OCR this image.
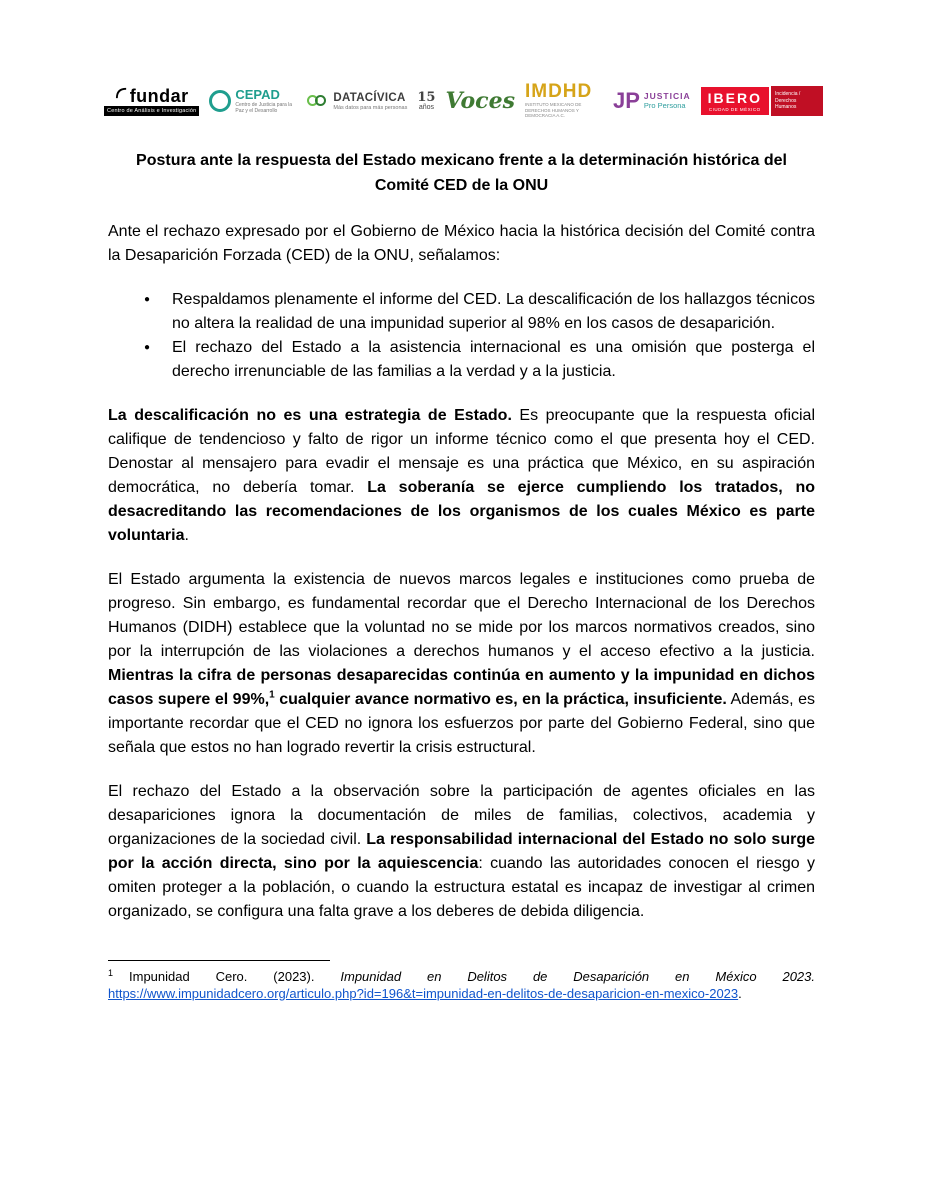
fundar
Centro de Análisis e Investigación
CEPAD
Centro de Justicia para la Paz y el Desarrollo
DATACÍVICA
Más datos para más personas
15
años Voces IMDHD
INSTITUTO MEXICANO DE DERECHOS HUMANOS Y DEMOCRACIA A.C.
JP JUSTICIA
Pro Persona	IBERO
CIUDAD DE MÉXICO
Incidencia / Derechos Humanos
Postura ante la respuesta del Estado mexicano frente a la determinación histórica del Comité CED de la ONU

Ante el rechazo expresado por el Gobierno de México hacia la histórica decisión del Comité contra la Desaparición Forzada (CED) de la ONU, señalamos:

● Respaldamos plenamente el informe del CED. La descalificación de los hallazgos técnicos no altera la realidad de una impunidad superior al 98% en los casos de desaparición.
● El rechazo del Estado a la asistencia internacional es una omisión que posterga el derecho irrenunciable de las familias a la verdad y a la justicia.

La descalificación no es una estrategia de Estado. Es preocupante que la respuesta oficial califique de tendencioso y falto de rigor un informe técnico como el que presenta hoy el CED. Denostar al mensajero para evadir el mensaje es una práctica que México, en su aspiración democrática, no debería tomar. La soberanía se ejerce cumpliendo los tratados, no desacreditando las recomendaciones de los organismos de los cuales México es parte voluntaria.

El Estado argumenta la existencia de nuevos marcos legales e instituciones como prueba de progreso. Sin embargo, es fundamental recordar que el Derecho Internacional de los Derechos Humanos (DIDH) establece que la voluntad no se mide por los marcos normativos creados, sino por la interrupción de las violaciones a derechos humanos y el acceso efectivo a la justicia. Mientras la cifra de personas desaparecidas continúa en aumento y la impunidad en dichos casos supere el 99%,$^1$ cualquier avance normativo es, en la práctica, insuficiente. Además, es importante recordar que el CED no ignora los esfuerzos por parte del Gobierno Federal, sino que señala que estos no han logrado revertir la crisis estructural.

El rechazo del Estado a la observación sobre la participación de agentes oficiales en las desapariciones ignora la documentación de miles de familias, colectivos, academia y organizaciones de la sociedad civil. La responsabilidad internacional del Estado no solo surge por la acción directa, sino por la aquiescencia: cuando las autoridades conocen el riesgo y omiten proteger a la población, o cuando la estructura estatal es incapaz de investigar al crimen organizado, se configura una falta grave a los deberes de debida diligencia.

$^1$ Impunidad Cero. (2023). Impunidad en Delitos de Desaparición en México 2023. https://www.impunidadcero.org/articulo.php?id=196&t=impunidad-en-delitos-de-desaparicion-en-mexico-2023.
